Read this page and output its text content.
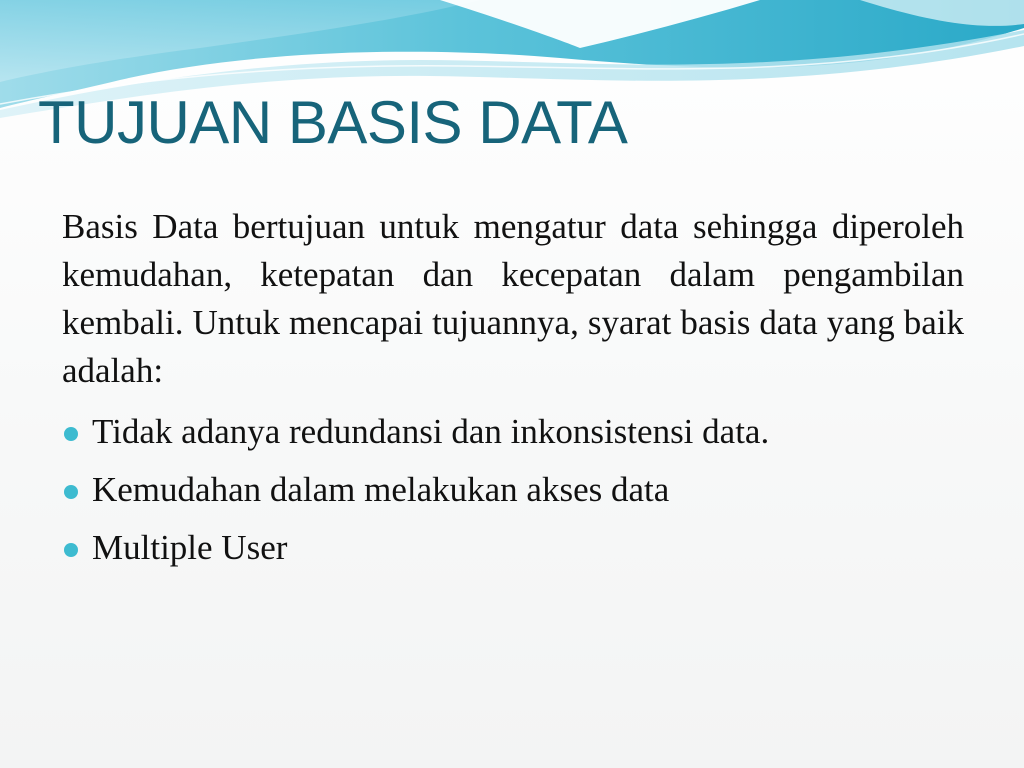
TUJUAN BASIS DATA

Basis Data bertujuan untuk mengatur data sehingga diperoleh kemudahan, ketepatan dan kecepatan dalam pengambilan kembali. Untuk mencapai tujuannya, syarat basis data yang baik adalah:

Tidak adanya redundansi dan inkonsistensi data.
Kemudahan dalam melakukan akses data
Multiple User
